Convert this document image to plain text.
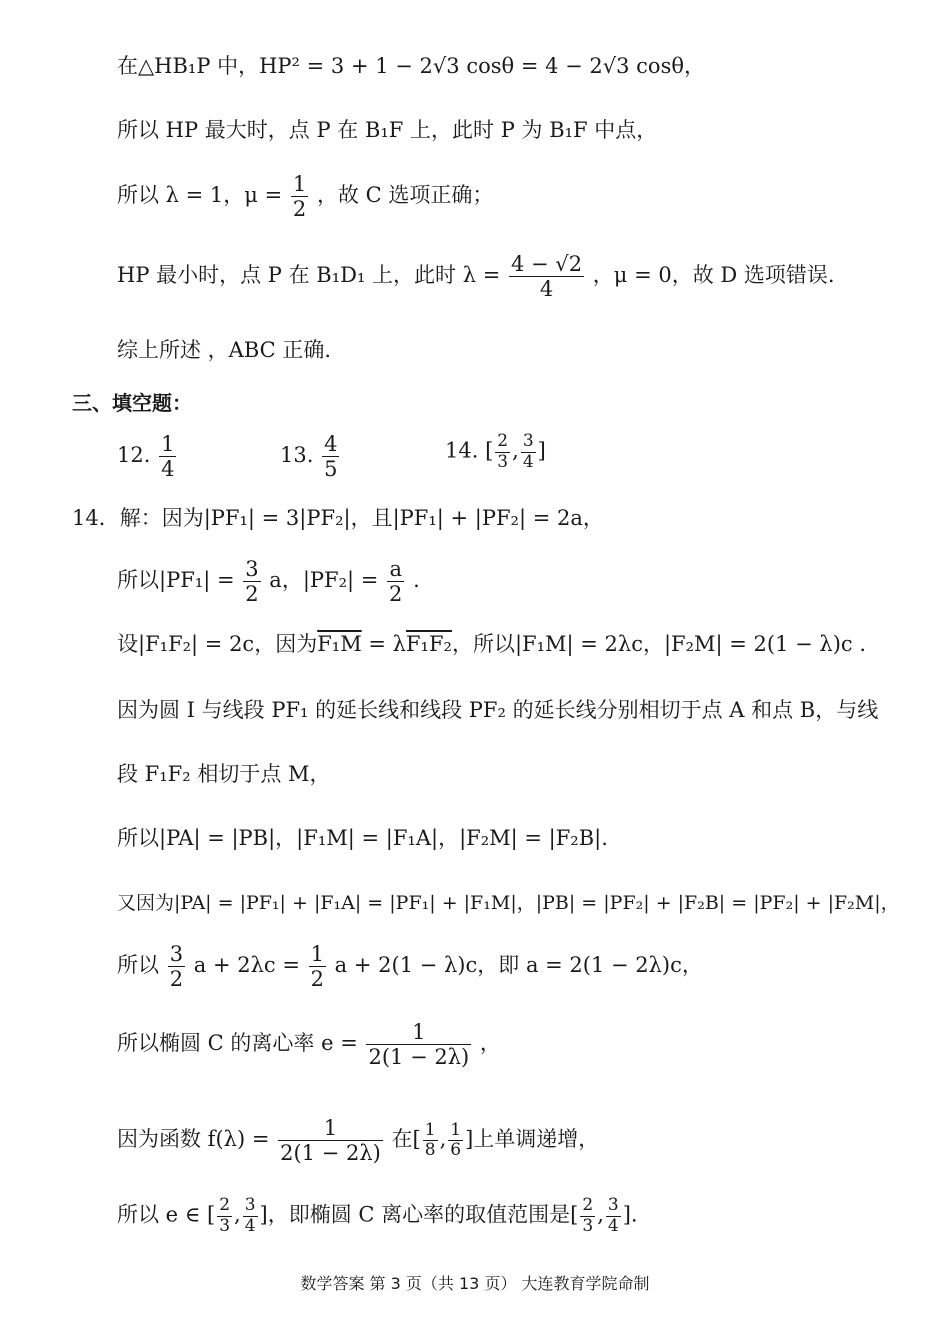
在△HB₁P 中，HP² = 3 + 1 − 2√3 cosθ = 4 − 2√3 cosθ，
所以 HP 最大时，点 P 在 B₁F 上，此时 P 为 B₁F 中点，
所以 λ = 1，$\mu = \frac{1}{2}$ ，故 C 选项正确；
HP 最小时，点 P 在 B₁D₁ 上，此时 $\lambda = \frac{4 - √2}{4}$ ，μ = 0，故 D 选项错误.
综上所述 ，ABC 正确.
三、填空题：
12. $\frac{1}{4}$	13. $\frac{4}{5}$	14. [ $\frac{2}{3}$ , $\frac{3}{4}$ ]
14．解：因为|PF₁| = 3|PF₂|，且|PF₁| + |PF₂| = 2a，
所以$|PF_1| = \frac{3}{2}$ a，$|PF_2| = \frac{a}{2}$ .
设|F₁F₂| = 2c，因为F₁M = λF₁F₂，所以|F₁M| = 2λc，|F₂M| = 2(1 − λ)c .
因为圆 I 与线段 PF₁ 的延长线和线段 PF₂ 的延长线分别相切于点 A 和点 B，与线
段 F₁F₂ 相切于点 M，
所以|PA| = |PB|，|F₁M| = |F₁A|，|F₂M| = |F₂B|.
又因为|PA| = |PF₁| + |F₁A| = |PF₁| + |F₁M|，|PB| = |PF₂| + |F₂B| = |PF₂| + |F₂M|，
所以 $\frac{3}{2}$ $a + 2\lambda c = \frac{1}{2}$ a + 2(1 − λ)c，即 a = 2(1 − 2λ)c，
所以椭圆 C 的离心率 $e = \frac{1}{2(1 - 2\lambda)}$ ，
因为函数 $f(\lambda) = \frac{1}{2(1 - 2\lambda)}$ 在[ $\frac{1}{8}$ , $\frac{1}{6}$ ]上单调递增，
所以 e ∈ [ $\frac{2}{3}$ , $\frac{3}{4}$ ]，即椭圆 C 离心率的取值范围是[ $\frac{2}{3}$ , $\frac{3}{4}$ ].
数学答案 第 3 页（共 13 页） 大连教育学院命制
